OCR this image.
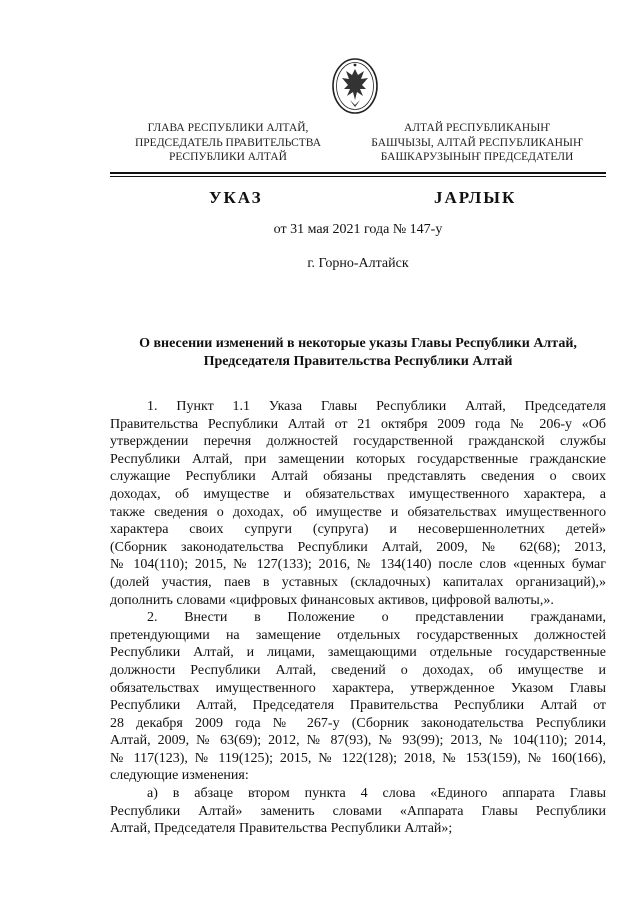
ГЛАВА РЕСПУБЛИКИ АЛТАЙ,
ПРЕДСЕДАТЕЛЬ ПРАВИТЕЛЬСТВА
РЕСПУБЛИКИ АЛТАЙ
АЛТАЙ РЕСПУБЛИКАНЫҤ
БАШЧЫЗЫ, АЛТАЙ РЕСПУБЛИКАНЫҤ
БАШКАРУЗЫНЫҤ ПРЕДСЕДАТЕЛИ
УКАЗ	JАРЛЫК
от 31 мая 2021 года № 147-у
г. Горно-Алтайск
О внесении изменений в некоторые указы Главы Республики Алтай,
Председателя Правительства Республики Алтай
1. Пункт 1.1 Указа Главы Республики Алтай, Председателя
Правительства Республики Алтай от 21 октября 2009 года № 206-у «Об
утверждении перечня должностей государственной гражданской службы
Республики Алтай, при замещении которых государственные гражданские
служащие Республики Алтай обязаны представлять сведения о своих
доходах, об имуществе и обязательствах имущественного характера, а
также сведения о доходах, об имуществе и обязательствах имущественного
характера своих супруги (супруга) и несовершеннолетних детей»
(Сборник законодательства Республики Алтай, 2009, № 62(68); 2013,
№ 104(110); 2015, № 127(133); 2016, № 134(140) после слов «ценных бумаг
(долей участия, паев в уставных (складочных) капиталах организаций),»
дополнить словами «цифровых финансовых активов, цифровой валюты,».
2. Внести в Положение о представлении гражданами,
претендующими на замещение отдельных государственных должностей
Республики Алтай, и лицами, замещающими отдельные государственные
должности Республики Алтай, сведений о доходах, об имуществе и
обязательствах имущественного характера, утвержденное Указом Главы
Республики Алтай, Председателя Правительства Республики Алтай от
28 декабря 2009 года № 267-у (Сборник законодательства Республики
Алтай, 2009, № 63(69); 2012, № 87(93), № 93(99); 2013, № 104(110); 2014,
№ 117(123), № 119(125); 2015, № 122(128); 2018, № 153(159), № 160(166),
следующие изменения:
а) в абзаце втором пункта 4 слова «Единого аппарата Главы
Республики Алтай» заменить словами «Аппарата Главы Республики
Алтай, Председателя Правительства Республики Алтай»;
